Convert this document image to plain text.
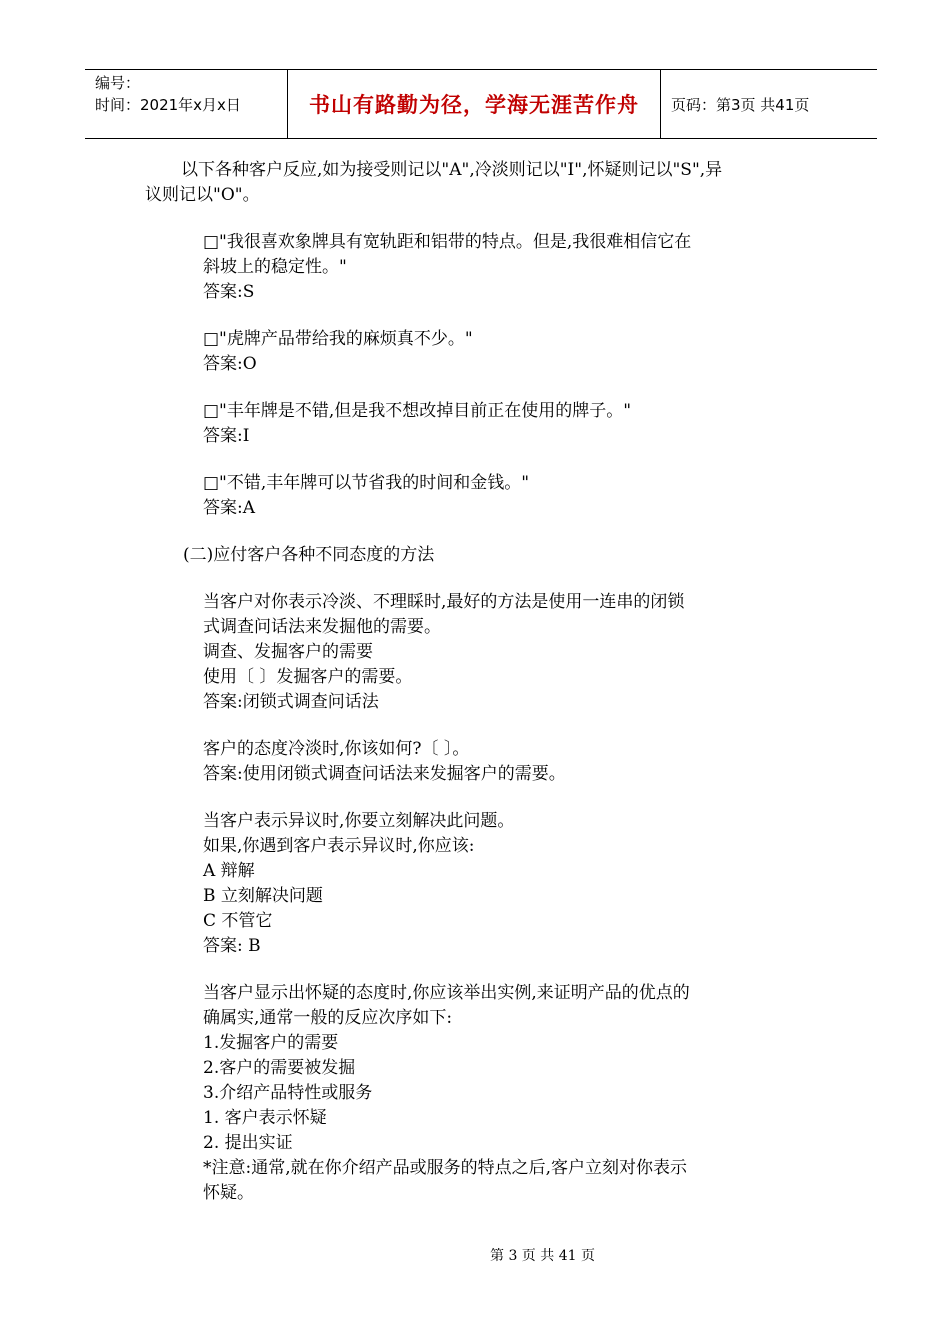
编号：
时间：2021年x月x日	书山有路勤为径，学海无涯苦作舟	页码：第3页 共41页

以下各种客户反应,如为接受则记以"A",冷淡则记以"I",怀疑则记以"S",异

议则记以"O"。

□"我很喜欢象牌具有宽轨距和铝带的特点。但是,我很难相信它在

斜坡上的稳定性。"

答案:S

□"虎牌产品带给我的麻烦真不少。"

答案:O

□"丰年牌是不错,但是我不想改掉目前正在使用的牌子。"

答案:I

□"不错,丰年牌可以节省我的时间和金钱。"

答案:A

(二)应付客户各种不同态度的方法

当客户对你表示冷淡、不理睬时,最好的方法是使用一连串的闭锁

式调查问话法来发掘他的需要。

调查、发掘客户的需要

使用〔 〕发掘客户的需要。

答案:闭锁式调查问话法

客户的态度冷淡时,你该如何?〔 〕。

答案:使用闭锁式调查问话法来发掘客户的需要。

当客户表示异议时,你要立刻解决此问题。

如果,你遇到客户表示异议时,你应该:

A 辩解

B 立刻解决问题

C 不管它

答案: B

当客户显示出怀疑的态度时,你应该举出实例,来证明产品的优点的

确属实,通常一般的反应次序如下:

1.发掘客户的需要

2.客户的需要被发掘

3.介绍产品特性或服务

1. 客户表示怀疑

2. 提出实证

*注意:通常,就在你介绍产品或服务的特点之后,客户立刻对你表示

怀疑。

第 3 页 共 41 页
